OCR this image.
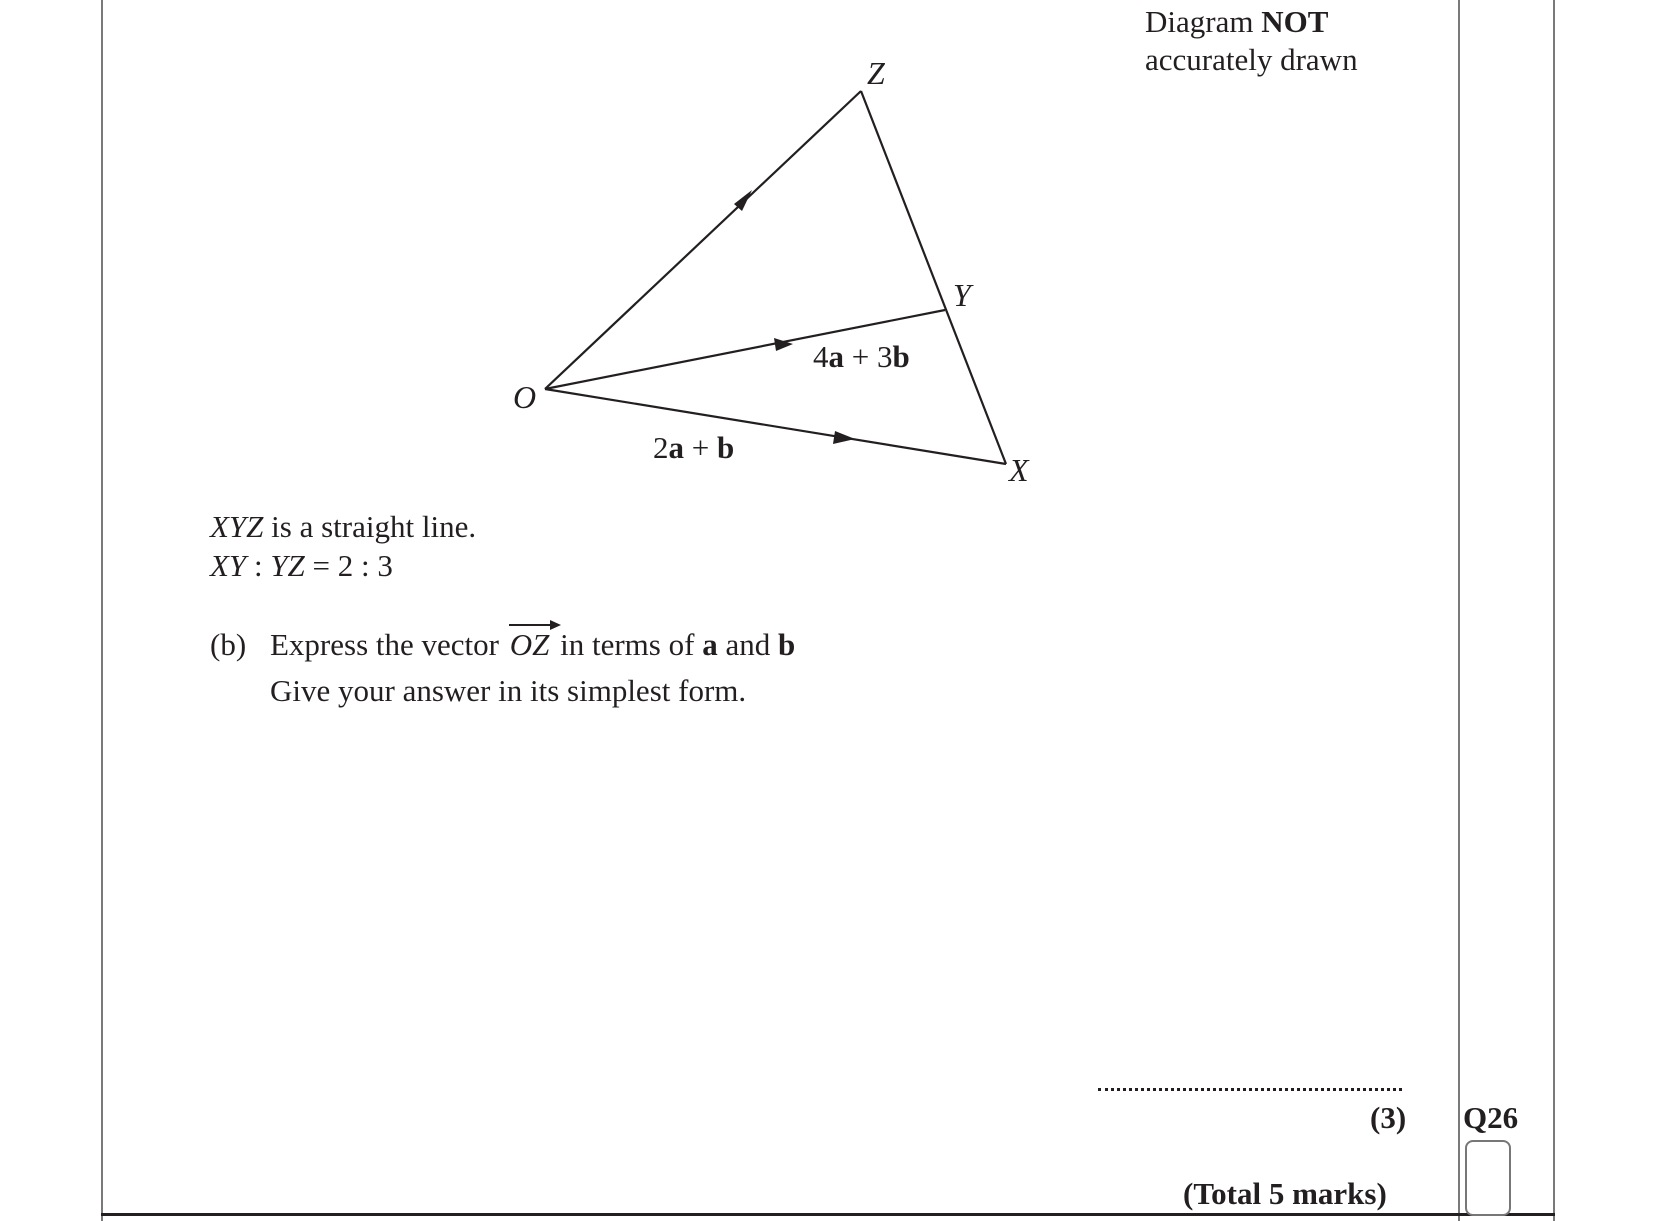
Diagram NOT
accurately drawn
O
Z
Y
X
2a + b
4a + 3b
XYZ is a straight line.
XY : YZ = 2 : 3
(b) Express the vector OZ
in terms of a and b
Give your answer in its simplest form.
(3) Q26
(Total 5 marks)
